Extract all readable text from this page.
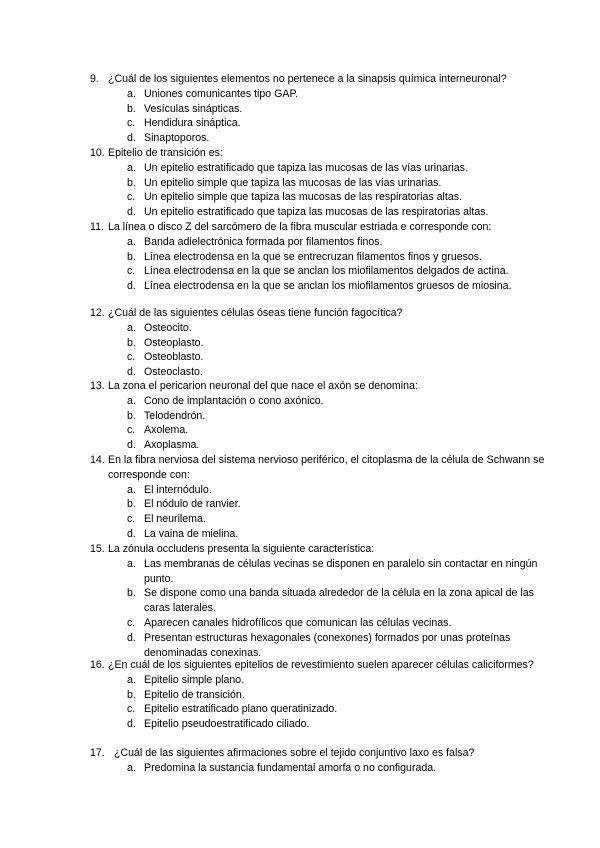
9. ¿Cuál de los siguientes elementos no pertenece a la sinapsis química interneuronal?
a. Uniones comunicantes tipo GAP.
b. Vesículas sinápticas.
c. Hendidura sináptica.
d. Sinaptoporos.
10. Epitelio de transición es:
a. Un epitelio estratificado que tapiza las mucosas de las vías urinarias.
b. Un epitelio simple que tapiza las mucosas de las vías urinarias.
c. Un epitelio simple que tapiza las mucosas de las respiratorias altas.
d. Un epitelio estratificado que tapiza las mucosas de las respiratorias altas.
11. La línea o disco Z del sarcómero de la fibra muscular estriada e corresponde con:
a. Banda adielectrónica formada por filamentos finos.
b. Línea electrodensa en la que se entrecruzan filamentos finos y gruesos.
c. Línea electrodensa en la que se anclan los miofilamentos delgados de actina.
d. Línea electrodensa en la que se anclan los miofilamentos gruesos de miosina.
12. ¿Cuál de las siguientes células óseas tiene función fagocítica?
a. Osteocito.
b. Osteoplasto.
c. Osteoblasto.
d. Osteoclasto.
13. La zona el pericarion neuronal del que nace el axón se denomina:
a. Cono de implantación o cono axónico.
b. Telodendrón.
c. Axolema.
d. Axoplasma.
14. En la fibra nerviosa del sistema nervioso periférico, el citoplasma de la célula de Schwann se corresponde con:
a. El internódulo.
b. El nódulo de ranvier.
c. El neurilema.
d. La vaina de mielina.
15. La zónula occludens presenta la siguiente característica:
a. Las membranas de células vecinas se disponen en paralelo sin contactar en ningún punto.
b. Se dispone como una banda situada alrededor de la célula en la zona apical de las caras laterales.
c. Aparecen canales hidrofílicos que comunican las células vecinas.
d. Presentan estructuras hexagonales (conexones) formados por unas proteínas denominadas conexinas.
16. ¿En cuál de los siguientes epitelios de revestimiento suelen aparecer células caliciformes?
a. Epitelio simple plano.
b. Epitelio de transición.
c. Epitelio estratificado plano queratinizado.
d. Epitelio pseudoestratificado ciliado.
17. ¿Cuál de las siguientes afirmaciones sobre el tejido conjuntivo laxo es falsa?
a. Predomina la sustancia fundamental amorfa o no configurada.
